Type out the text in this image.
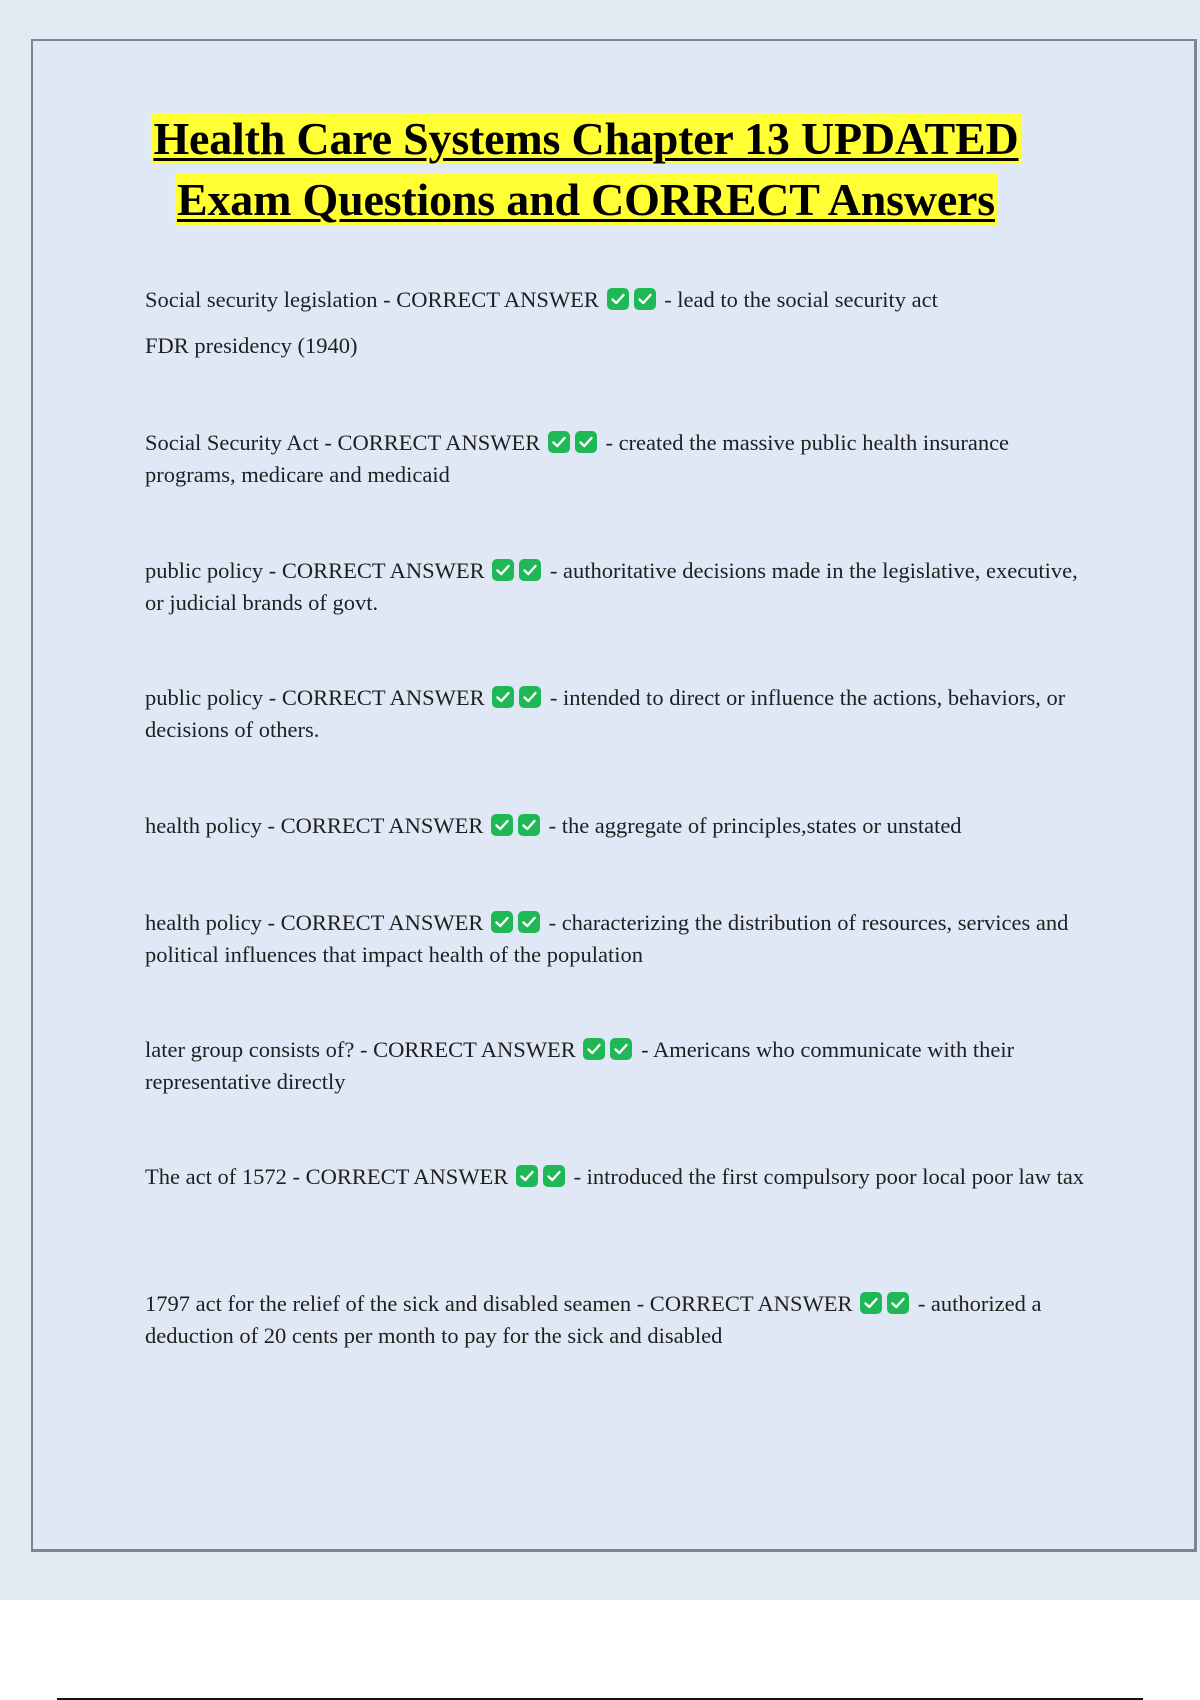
Health Care Systems Chapter 13 UPDATED
Exam Questions and CORRECT Answers

Social security legislation - CORRECT ANSWER	- lead to the social security act

FDR presidency (1940)

Social Security Act - CORRECT ANSWER	- created the massive public health insurance programs, medicare and medicaid

public policy - CORRECT ANSWER	- authoritative decisions made in the legislative, executive, or judicial brands of govt.

public policy - CORRECT ANSWER	- intended to direct or influence the actions, behaviors, or decisions of others.

health policy - CORRECT ANSWER	- the aggregate of principles,states or unstated

health policy - CORRECT ANSWER	- characterizing the distribution of resources, services and political influences that impact health of the population

later group consists of? - CORRECT ANSWER	- Americans who communicate with their representative directly

The act of 1572 - CORRECT ANSWER	- introduced the first compulsory poor local poor law tax

1797 act for the relief of the sick and disabled seamen - CORRECT ANSWER	- authorized a deduction of 20 cents per month to pay for the sick and disabled
